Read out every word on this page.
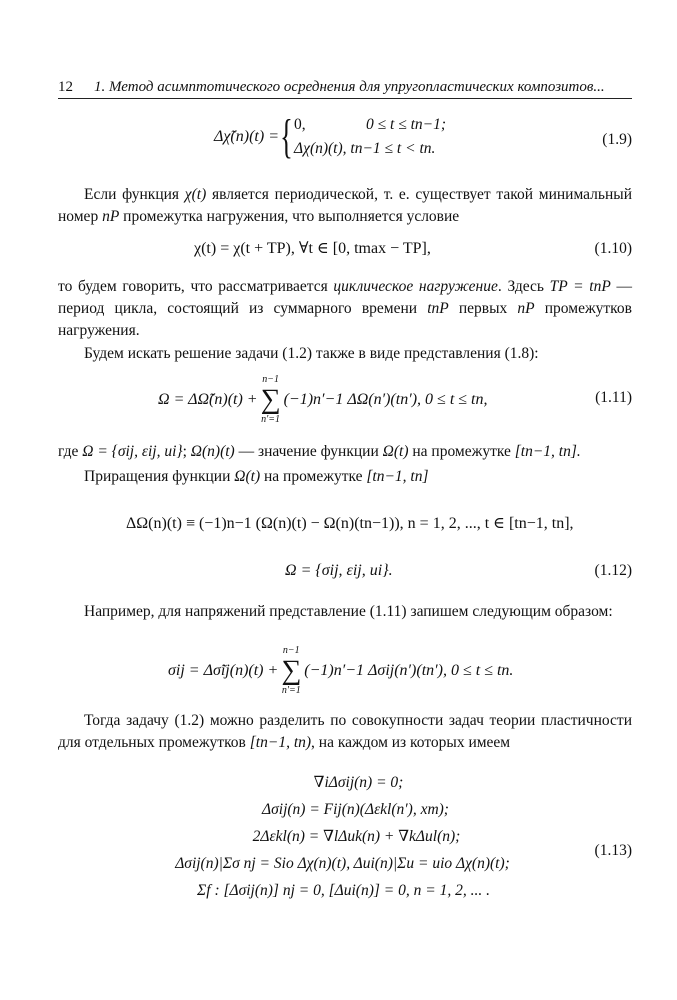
12 1. Метод асимптотического осреднения для упругопластических композитов...
Δχ̃(n)(t) = { 0,	0 ≤ t ≤ tn−1;
Δχ(n)(t), tn−1 ≤ t < tn.
(1.9)
Если функция χ(t) является периодической, т. е. существует такой минимальный номер nP промежутка нагружения, что выполняется условие
χ(t) = χ(t + TP), ∀t ∈ [0, tmax − TP],	(1.10)
то будем говорить, что рассматривается циклическое нагружение. Здесь TP = tnP — период цикла, состоящий из суммарного времени tnP первых nP промежутков нагружения.
Будем искать решение задачи (1.2) также в виде представления (1.8):
Ω = ΔΩ̃(n)(t) +
n−1
∑
n′=1
(−1)n′−1 ΔΩ(n′)(tn′), 0 ≤ t ≤ tn,	(1.11)
где Ω = {σij, εij, ui}; Ω(n)(t) — значение функции Ω(t) на промежутке [tn−1, tn].
Приращения функции Ω(t) на промежутке [tn−1, tn]
ΔΩ(n)(t) ≡ (−1)n−1 (Ω(n)(t) − Ω(n)(tn−1)), n = 1, 2, ..., t ∈ [tn−1, tn],
Ω = {σij, εij, ui}.	(1.12)
Например, для напряжений представление (1.11) запишем следующим образом:
σij = Δσ̃ij(n)(t) +
n−1
∑
n′=1
(−1)n′−1 Δσij(n′)(tn′), 0 ≤ t ≤ tn.
Тогда задачу (1.2) можно разделить по совокупности задач теории пластичности для отдельных промежутков [tn−1, tn), на каждом из которых имеем
∇iΔσij(n) = 0;
Δσij(n) = Fij(n)(Δεkl(n′), xm);
2Δεkl(n) = ∇lΔuk(n) + ∇kΔul(n);
Δσij(n)|Σσ nj = Sio Δχ(n)(t), Δui(n)|Σu = uio Δχ(n)(t);
Σf : [Δσij(n)] nj = 0, [Δui(n)] = 0, n = 1, 2, ... .
(1.13)
